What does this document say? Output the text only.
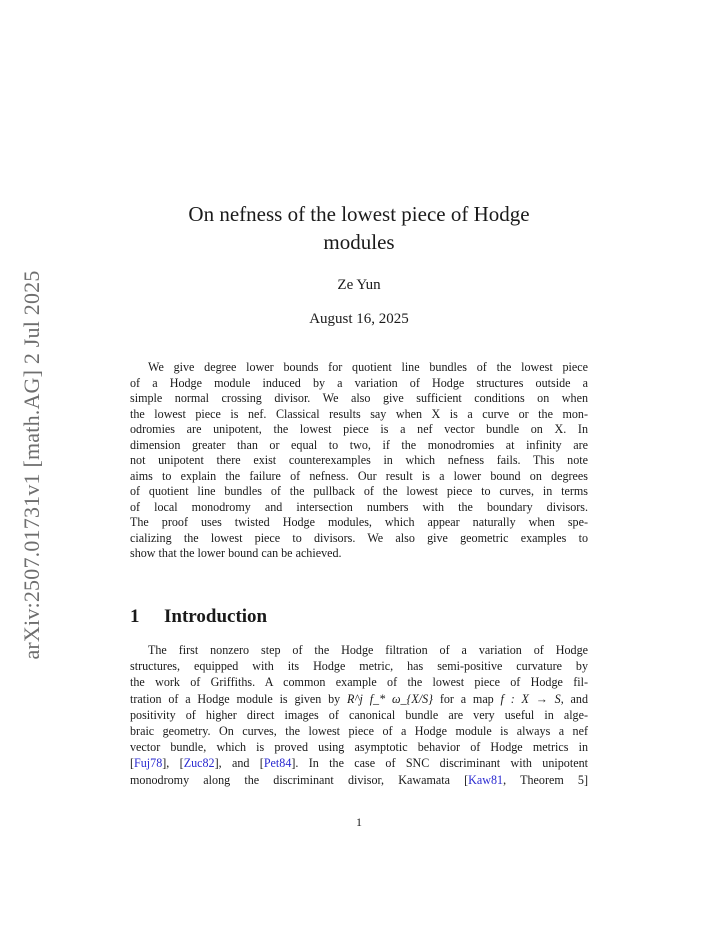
arXiv:2507.01731v1 [math.AG] 2 Jul 2025
On nefness of the lowest piece of Hodge
modules
Ze Yun
August 16, 2025
We give degree lower bounds for quotient line bundles of the lowest piece
of a Hodge module induced by a variation of Hodge structures outside a
simple normal crossing divisor. We also give sufficient conditions on when
the lowest piece is nef. Classical results say when X is a curve or the mon-
odromies are unipotent, the lowest piece is a nef vector bundle on X. In
dimension greater than or equal to two, if the monodromies at infinity are
not unipotent there exist counterexamples in which nefness fails. This note
aims to explain the failure of nefness. Our result is a lower bound on degrees
of quotient line bundles of the pullback of the lowest piece to curves, in terms
of local monodromy and intersection numbers with the boundary divisors.
The proof uses twisted Hodge modules, which appear naturally when spe-
cializing the lowest piece to divisors. We also give geometric examples to
show that the lower bound can be achieved.
1 Introduction
The first nonzero step of the Hodge filtration of a variation of Hodge
structures, equipped with its Hodge metric, has semi-positive curvature by
the work of Griffiths. A common example of the lowest piece of Hodge fil-
tration of a Hodge module is given by R^j f_* ω_{X/S} for a map f : X → S, and
positivity of higher direct images of canonical bundle are very useful in alge-
braic geometry. On curves, the lowest piece of a Hodge module is always a nef
vector bundle, which is proved using asymptotic behavior of Hodge metrics in
[Fuj78], [Zuc82], and [Pet84]. In the case of SNC discriminant with unipotent
monodromy along the discriminant divisor, Kawamata [Kaw81, Theorem 5]
1
